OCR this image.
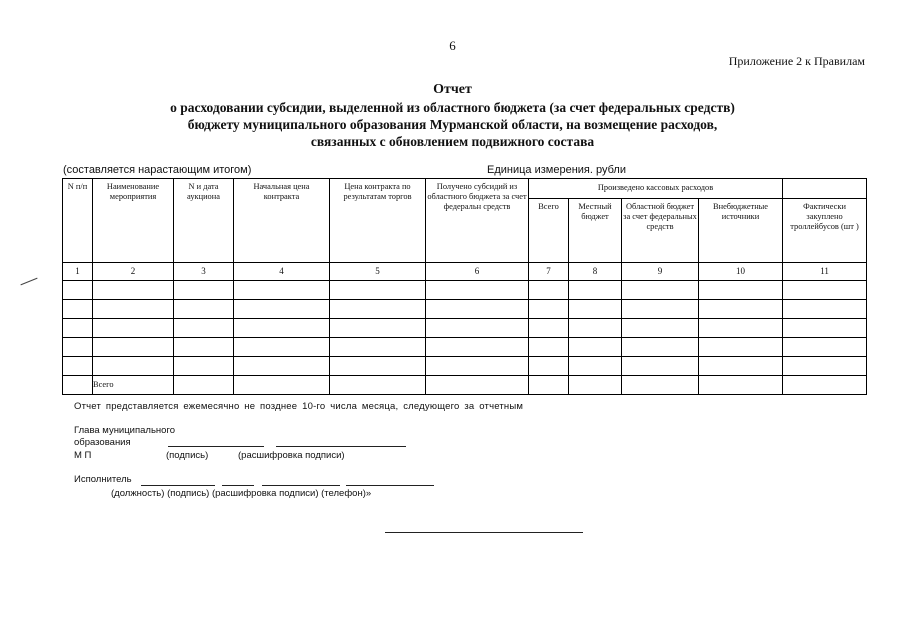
6
Приложение 2 к Правилам
Отчет
о расходовании субсидии, выделенной из областного бюджета (за счет федеральных средств)
бюджету муниципального образования Мурманской области, на возмещение расходов,
связанных с обновлением подвижного состава
(составляется нарастающим итогом)	Единица измерения. рубли
N п/п	Наименование мероприятия	N и дата аукциона	Начальная цена контракта	Цена контракта по результатам торгов	Получено субсидий из областного бюджета за счет федеральн средств	Произведено кассовых расходов				
						Всего	Местный бюджет	Областной бюджет за счет федеральных средств	Внебюджетные источники	Фактически закуплено троллейбусов (шт )
1	2	3	4	5	6	7	8	9	10	11

	Всего									
Отчет представляется ежемесячно не позднее 10-го числа месяца, следующего за отчетным
Глава муниципального
образования
М П	(подпись)	(расшифровка подписи)
Исполнитель
(должность) (подпись) (расшифровка подписи) (телефон)»
